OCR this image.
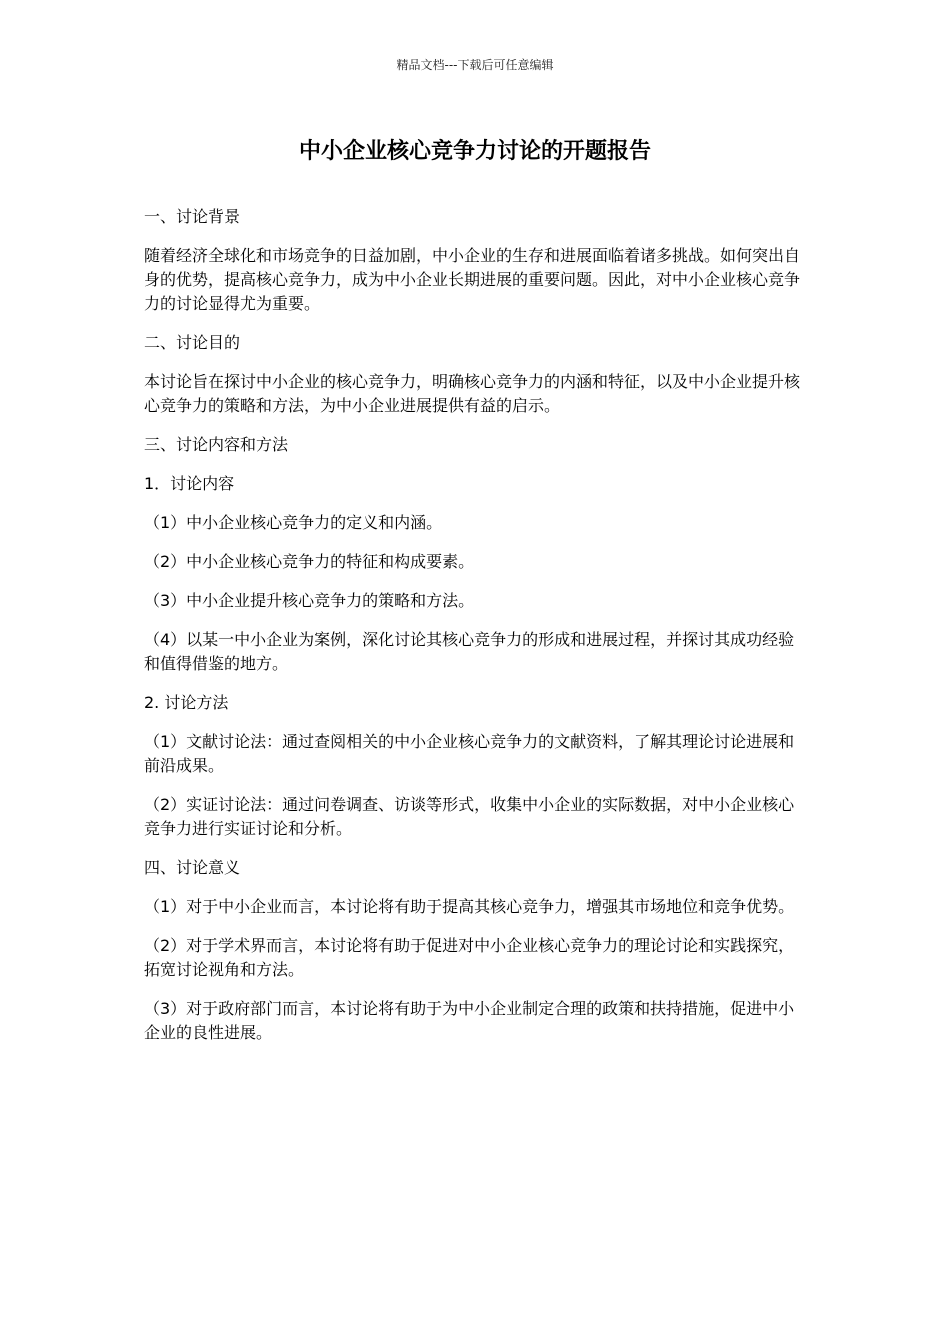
精品文档---下载后可任意编辑
中小企业核心竞争力讨论的开题报告

一、讨论背景

随着经济全球化和市场竞争的日益加剧，中小企业的生存和进展面临着诸多挑战。如何突出自身的优势，提高核心竞争力，成为中小企业长期进展的重要问题。因此，对中小企业核心竞争力的讨论显得尤为重要。

二、讨论目的

本讨论旨在探讨中小企业的核心竞争力，明确核心竞争力的内涵和特征，以及中小企业提升核心竞争力的策略和方法，为中小企业进展提供有益的启示。

三、讨论内容和方法

1．讨论内容

（1）中小企业核心竞争力的定义和内涵。

（2）中小企业核心竞争力的特征和构成要素。

（3）中小企业提升核心竞争力的策略和方法。

（4）以某一中小企业为案例，深化讨论其核心竞争力的形成和进展过程，并探讨其成功经验和值得借鉴的地方。

2. 讨论方法

（1）文献讨论法：通过查阅相关的中小企业核心竞争力的文献资料，了解其理论讨论进展和前沿成果。

（2）实证讨论法：通过问卷调查、访谈等形式，收集中小企业的实际数据，对中小企业核心竞争力进行实证讨论和分析。

四、讨论意义

（1）对于中小企业而言，本讨论将有助于提高其核心竞争力，增强其市场地位和竞争优势。

（2）对于学术界而言，本讨论将有助于促进对中小企业核心竞争力的理论讨论和实践探究，拓宽讨论视角和方法。

（3）对于政府部门而言，本讨论将有助于为中小企业制定合理的政策和扶持措施，促进中小企业的良性进展。
